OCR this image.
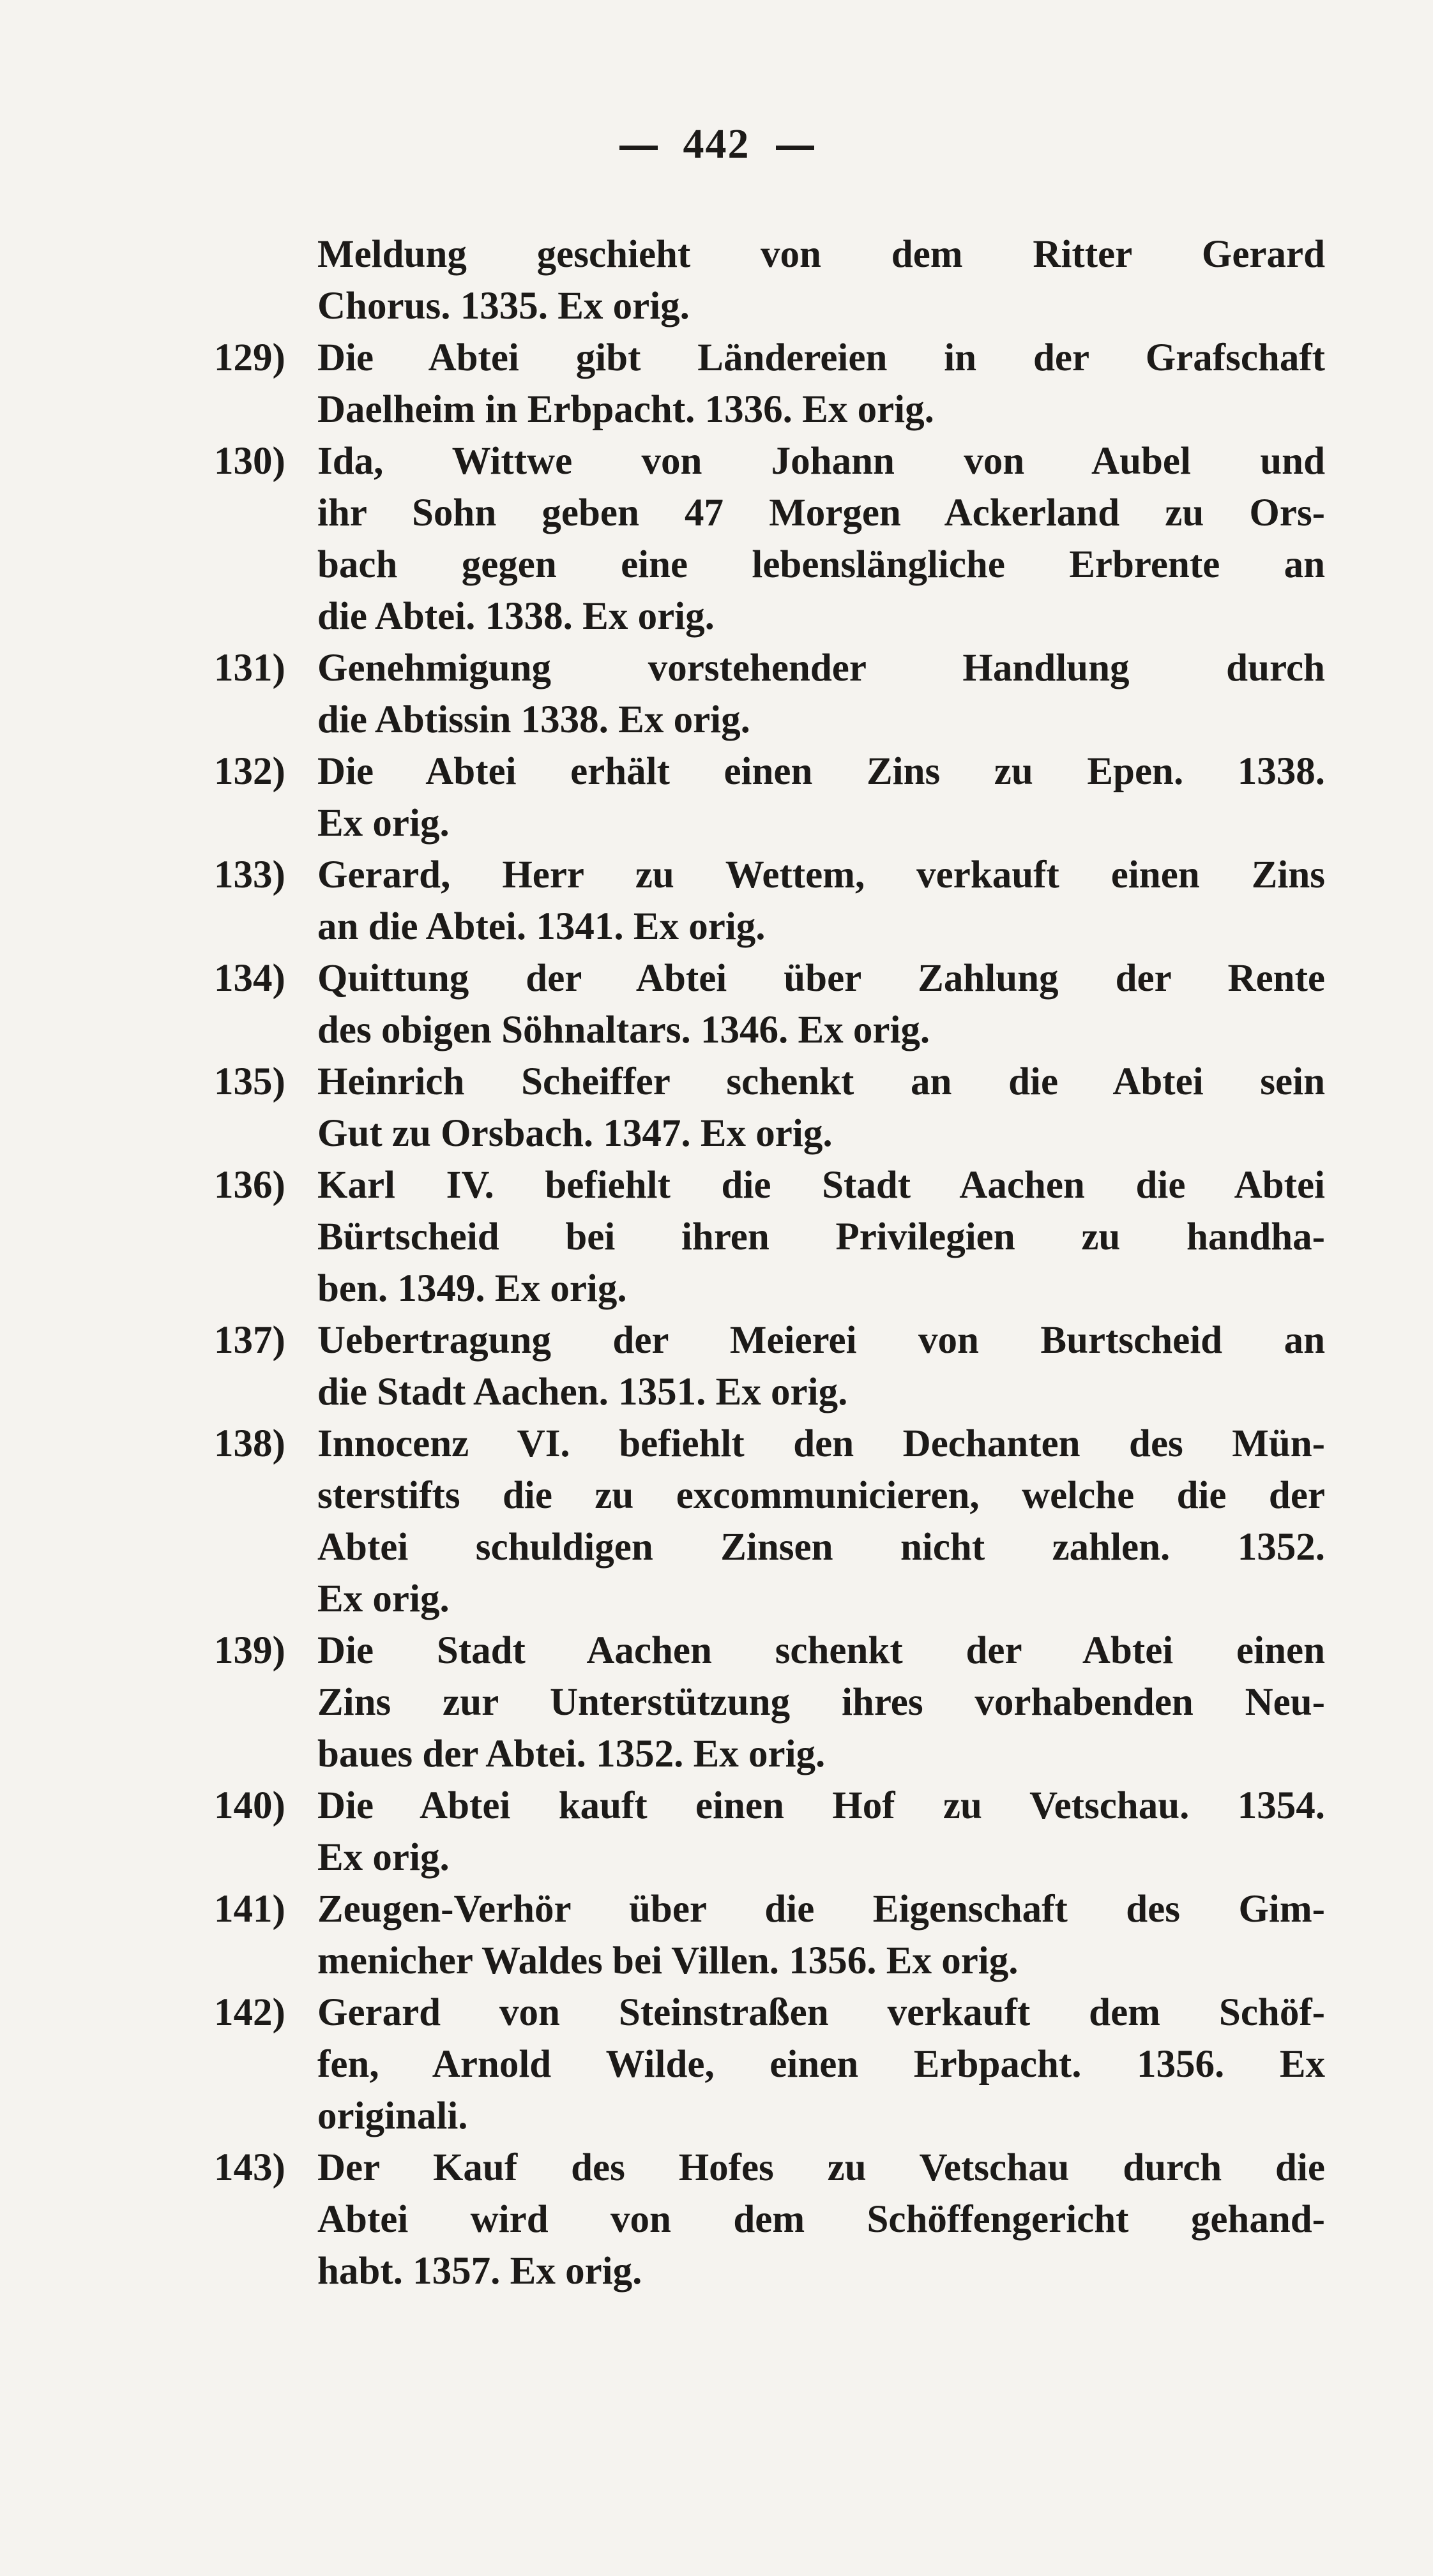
442
Meldung geschieht von dem Ritter Gerard
Chorus. 1335. Ex orig.
129) Die Abtei gibt Ländereien in der Grafschaft
Daelheim in Erbpacht. 1336. Ex orig.
130) Ida, Wittwe von Johann von Aubel und
ihr Sohn geben 47 Morgen Ackerland zu Ors-
bach gegen eine lebenslängliche Erbrente an
die Abtei. 1338. Ex orig.
131) Genehmigung vorstehender Handlung durch
die Abtissin 1338. Ex orig.
132) Die Abtei erhält einen Zins zu Epen. 1338.
Ex orig.
133) Gerard, Herr zu Wettem, verkauft einen Zins
an die Abtei. 1341. Ex orig.
134) Quittung der Abtei über Zahlung der Rente
des obigen Söhnaltars. 1346. Ex orig.
135) Heinrich Scheiffer schenkt an die Abtei sein
Gut zu Orsbach. 1347. Ex orig.
136) Karl IV. befiehlt die Stadt Aachen die Abtei
Bürtscheid bei ihren Privilegien zu handha-
ben. 1349. Ex orig.
137) Uebertragung der Meierei von Burtscheid an
die Stadt Aachen. 1351. Ex orig.
138) Innocenz VI. befiehlt den Dechanten des Mün-
sterstifts die zu excommunicieren, welche die der
Abtei schuldigen Zinsen nicht zahlen. 1352.
Ex orig.
139) Die Stadt Aachen schenkt der Abtei einen
Zins zur Unterstützung ihres vorhabenden Neu-
baues der Abtei. 1352. Ex orig.
140) Die Abtei kauft einen Hof zu Vetschau. 1354.
Ex orig.
141) Zeugen-Verhör über die Eigenschaft des Gim-
menicher Waldes bei Villen. 1356. Ex orig.
142) Gerard von Steinstraßen verkauft dem Schöf-
fen, Arnold Wilde, einen Erbpacht. 1356. Ex
originali.
143) Der Kauf des Hofes zu Vetschau durch die
Abtei wird von dem Schöffengericht gehand-
habt. 1357. Ex orig.
